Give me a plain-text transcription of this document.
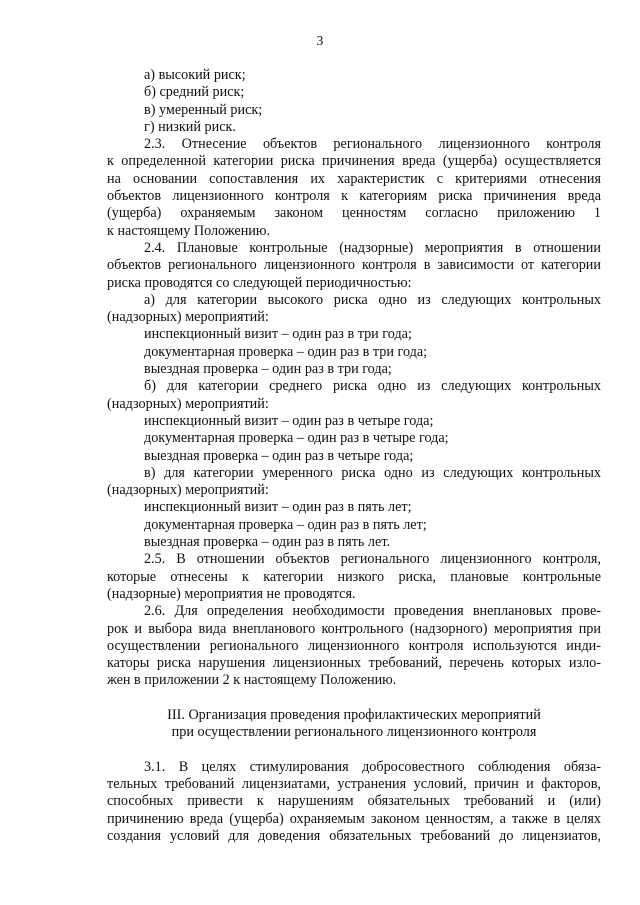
3
а) высокий риск;
б) средний риск;
в) умеренный риск;
г) низкий риск.
2.3. Отнесение объектов регионального лицензионного контроля
к определенной категории риска причинения вреда (ущерба) осуществляется
на основании сопоставления их характеристик с критериями отнесения
объектов лицензионного контроля к категориям риска причинения вреда
(ущерба) охраняемым законом ценностям согласно приложению 1
к настоящему Положению.
2.4. Плановые контрольные (надзорные) мероприятия в отношении
объектов регионального лицензионного контроля в зависимости от категории
риска проводятся со следующей периодичностью:
а) для категории высокого риска одно из следующих контрольных
(надзорных) мероприятий:
инспекционный визит – один раз в три года;
документарная проверка – один раз в три года;
выездная проверка – один раз в три года;
б) для категории среднего риска одно из следующих контрольных
(надзорных) мероприятий:
инспекционный визит – один раз в четыре года;
документарная проверка – один раз в четыре года;
выездная проверка – один раз в четыре года;
в) для категории умеренного риска одно из следующих контрольных
(надзорных) мероприятий:
инспекционный визит – один раз в пять лет;
документарная проверка – один раз в пять лет;
выездная проверка – один раз в пять лет.
2.5. В отношении объектов регионального лицензионного контроля,
которые отнесены к категории низкого риска, плановые контрольные
(надзорные) мероприятия не проводятся.
2.6. Для определения необходимости проведения внеплановых прове-
рок и выбора вида внепланового контрольного (надзорного) мероприятия при
осуществлении регионального лицензионного контроля используются инди-
каторы риска нарушения лицензионных требований, перечень которых изло-
жен в приложении 2 к настоящему Положению.
III. Организация проведения профилактических мероприятий
при осуществлении регионального лицензионного контроля
3.1. В целях стимулирования добросовестного соблюдения обяза-
тельных требований лицензиатами, устранения условий, причин и факторов,
способных привести к нарушениям обязательных требований и (или)
причинению вреда (ущерба) охраняемым законом ценностям, а также в целях
создания условий для доведения обязательных требований до лицензиатов,
